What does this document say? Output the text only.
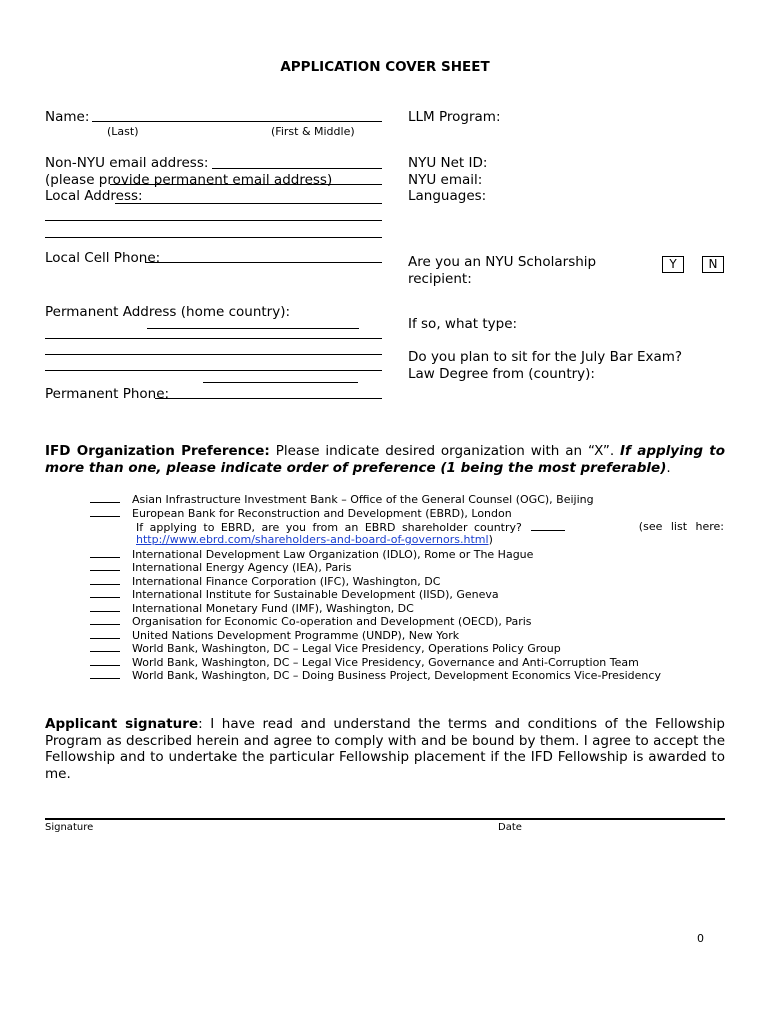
APPLICATION COVER SHEET
Name:
(Last)	(First & Middle)
Non-NYU email address:
(please provide permanent email address)
Local Address:
Local Cell Phone:
Permanent Address (home country):
Permanent Phone:
LLM Program:
NYU Net ID:
NYU email:
Languages:
Are you an NYU Scholarship
recipient:
Y	N
If so, what type:
Do you plan to sit for the July Bar Exam?
Law Degree from (country):
IFD Organization Preference: Please indicate desired organization with an “X”. If applying to more than one, please indicate order of preference (1 being the most preferable).
Asian Infrastructure Investment Bank – Office of the General Counsel (OGC), Beijing
European Bank for Reconstruction and Development (EBRD), London
If applying to EBRD, are you from an EBRD shareholder country?	(see list here:
http://www.ebrd.com/shareholders-and-board-of-governors.html)
International Development Law Organization (IDLO), Rome or The Hague
International Energy Agency (IEA), Paris
International Finance Corporation (IFC), Washington, DC
International Institute for Sustainable Development (IISD), Geneva
International Monetary Fund (IMF), Washington, DC
Organisation for Economic Co-operation and Development (OECD), Paris
United Nations Development Programme (UNDP), New York
World Bank, Washington, DC – Legal Vice Presidency, Operations Policy Group
World Bank, Washington, DC – Legal Vice Presidency, Governance and Anti-Corruption Team
World Bank, Washington, DC – Doing Business Project, Development Economics Vice-Presidency
Applicant signature: I have read and understand the terms and conditions of the Fellowship Program as described herein and agree to comply with and be bound by them. I agree to accept the Fellowship and to undertake the particular Fellowship placement if the IFD Fellowship is awarded to me.
Signature	Date
0
